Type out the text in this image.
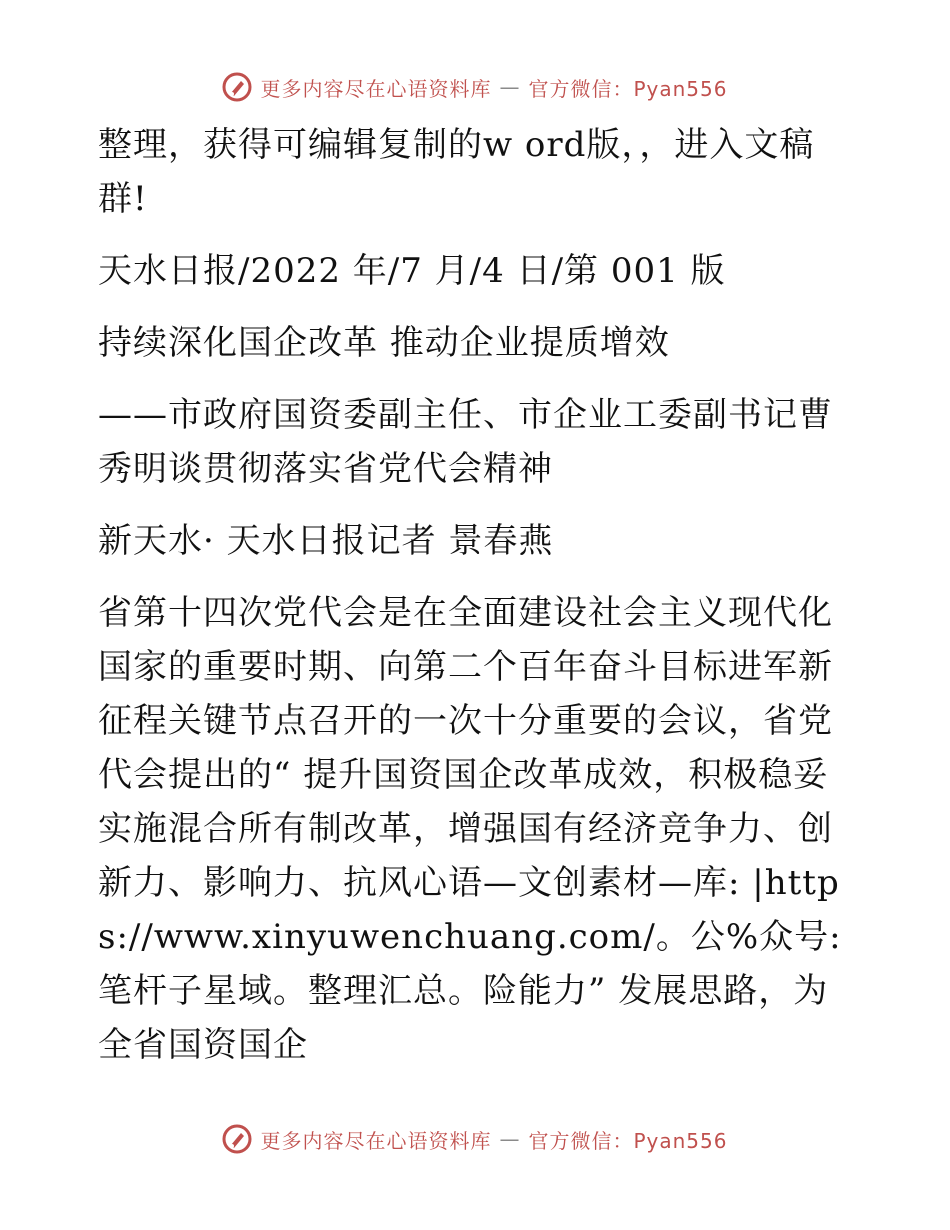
更多内容尽在心语资料库 — 官方微信：Pyan556

整理，获得可编辑复制的w ord版，，进入文稿群!

天水日报/2022 年/7 月/4 日/第 001 版

持续深化国企改革 推动企业提质增效

——市政府国资委副主任、市企业工委副书记曹秀明谈贯彻落实省党代会精神

新天水· 天水日报记者 景春燕

省第十四次党代会是在全面建设社会主义现代化国家的重要时期、向第二个百年奋斗目标进军新征程关键节点召开的一次十分重要的会议，省党代会提出的“ 提升国资国企改革成效，积极稳妥实施混合所有制改革，增强国有经济竞争力、创新力、影响力、抗风心语—文创素材—库: |https://www.xinyuwenchuang.com/。公%众号: 笔杆子星域。整理汇总。险能力” 发展思路，为全省国资国企

更多内容尽在心语资料库 — 官方微信：Pyan556
